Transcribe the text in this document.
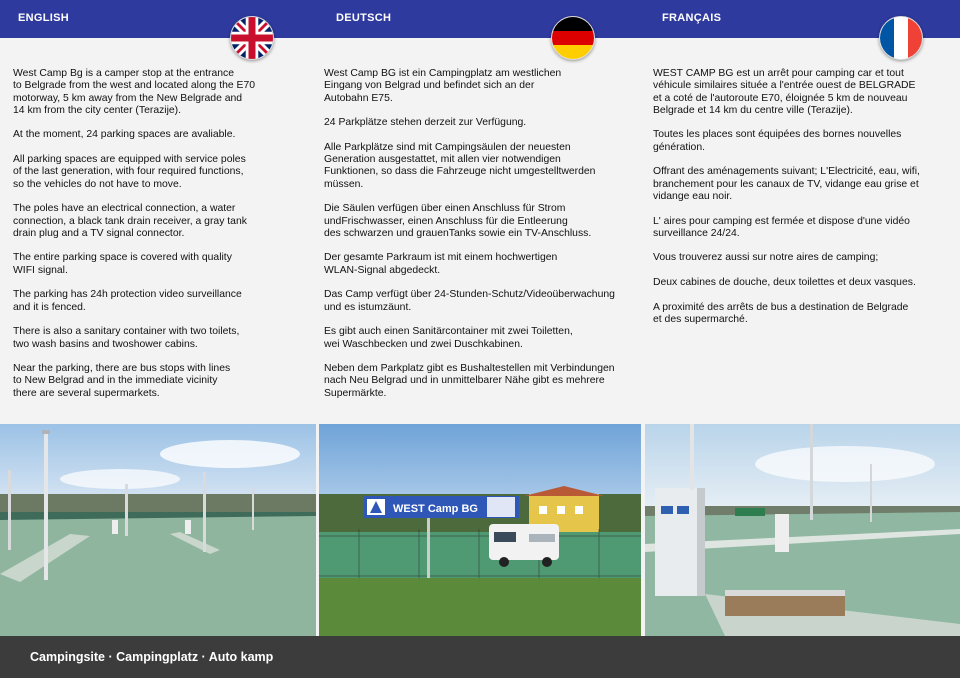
ENGLISH	DEUTSCH	FRANÇAIS

West Camp Bg is a camper stop at the entrance
to Belgrade from the west and located along the E70
motorway, 5 km away from the New Belgrade and
14 km from the city center (Terazije).

At the moment, 24 parking spaces are avaliable.

All parking spaces are equipped with service poles
of the last generation, with four required functions,
so the vehicles do not have to move.

The poles have an electrical connection, a water
connection, a black tank drain receiver, a gray tank
drain plug and a TV signal connector.

The entire parking space is covered with quality
WIFI signal.

The parking has 24h protection video surveillance
and it is fenced.

There is also a sanitary container with two toilets,
two wash basins and twoshower cabins.

Near the parking, there are bus stops with lines
to New Belgrad and in the immediate vicinity
there are several supermarkets.

West Camp BG ist ein Campingplatz am westlichen
Eingang von Belgrad und befindet sich an der
Autobahn E75.

24 Parkplätze stehen derzeit zur Verfügung.

Alle Parkplätze sind mit Campingsäulen der neuesten
Generation ausgestattet, mit allen vier notwendigen
Funktionen, so dass die Fahrzeuge nicht umgestelltwerden
müssen.

Die Säulen verfügen über einen Anschluss für Strom
undFrischwasser, einen Anschluss für die Entleerung
des schwarzen und grauenTanks sowie ein TV-Anschluss.

Der gesamte Parkraum ist mit einem hochwertigen
WLAN-Signal abgedeckt.

Das Camp verfügt über 24-Stunden-Schutz/Videoüberwachung
und es istumzäunt.

Es gibt auch einen Sanitärcontainer mit zwei Toiletten,
wei Waschbecken und zwei Duschkabinen.

Neben dem Parkplatz gibt es Bushaltestellen mit Verbindungen
nach Neu Belgrad und in unmittelbarer Nähe gibt es mehrere
Supermärkte.

WEST CAMP BG est un arrêt pour camping car et tout
véhicule similaires située a l'entrée ouest de BELGRADE
et a coté de l'autoroute E70, éloignée 5 km de nouveau
Belgrade et 14 km du centre ville (Terazije).

Toutes les places sont équipées des bornes nouvelles
génération.

Offrant des aménagements suivant; L'Electricité, eau, wifi,
branchement pour les canaux de TV, vidange eau grise et
vidange eau noir.

L' aires pour camping est fermée et dispose d'une vidéo
surveillance 24/24.

Vous trouverez aussi sur notre aires de camping;

Deux cabines de douche, deux toilettes et deux vasques.

A proximité des arrêts de bus a destination de Belgrade
et des supermarché.

WEST Camp BG
Campingsite · Campingplatz · Auto kamp
